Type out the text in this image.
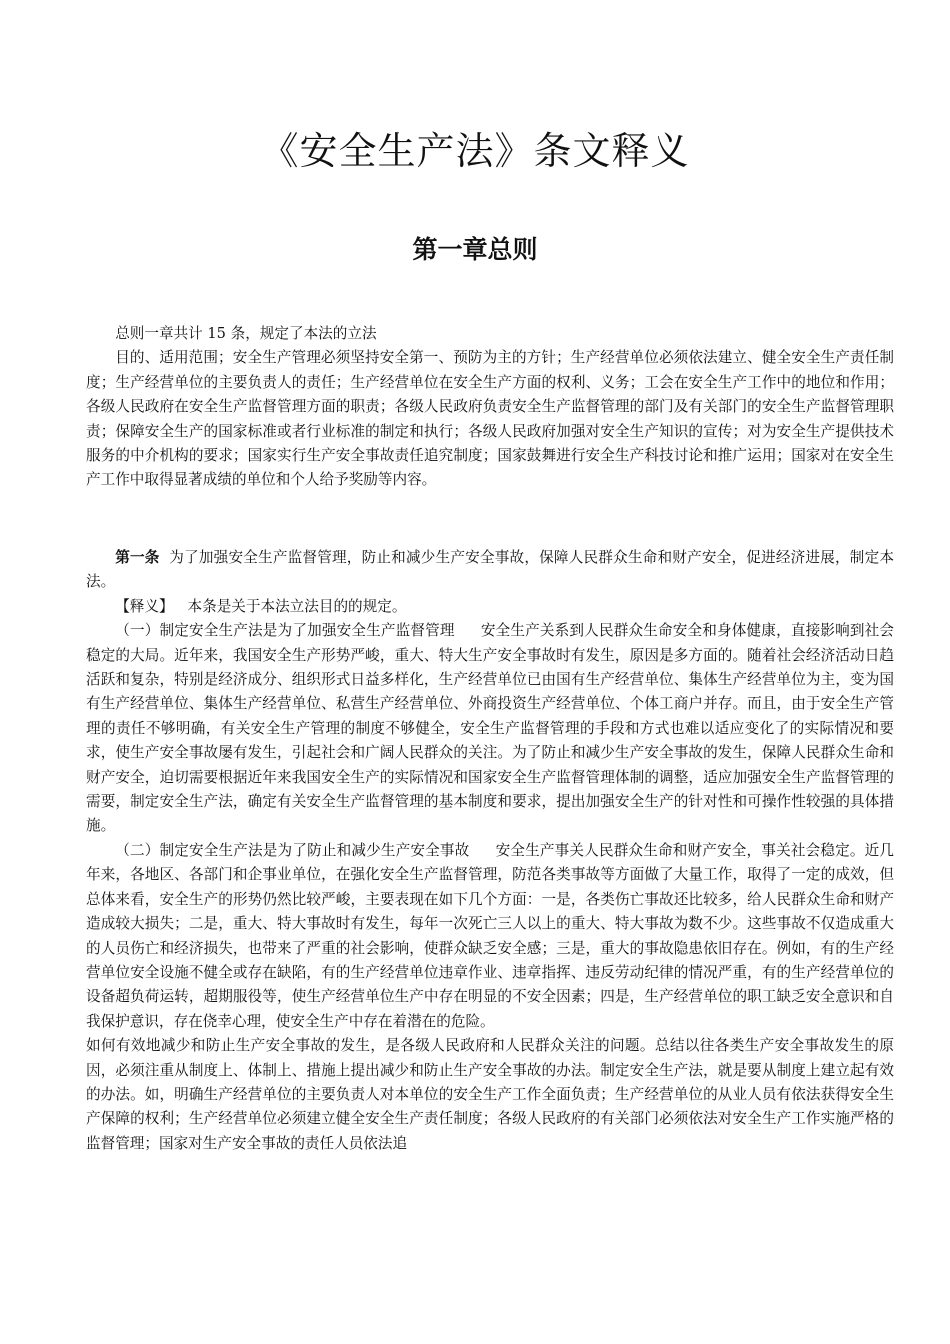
《安全生产法》条文释义
第一章总则

总则一章共计 15 条，规定了本法的立法

目的、适用范围；安全生产管理必须坚持安全第一、预防为主的方针；生产经营单位必须依法建立、健全安全生产责任制度；生产经营单位的主要负责人的责任；生产经营单位在安全生产方面的权利、义务；工会在安全生产工作中的地位和作用；各级人民政府在安全生产监督管理方面的职责；各级人民政府负责安全生产监督管理的部门及有关部门的安全生产监督管理职责；保障安全生产的国家标准或者行业标准的制定和执行；各级人民政府加强对安全生产知识的宣传；对为安全生产提供技术服务的中介机构的要求；国家实行生产安全事故责任追究制度；国家鼓舞进行安全生产科技讨论和推广运用；国家对在安全生产工作中取得显著成绩的单位和个人给予奖励等内容。

第一条 为了加强安全生产监督管理，防止和减少生产安全事故，保障人民群众生命和财产安全，促进经济进展，制定本法。

【释义】 本条是关于本法立法目的的规定。

（一）制定安全生产法是为了加强安全生产监督管理 安全生产关系到人民群众生命安全和身体健康，直接影响到社会稳定的大局。近年来，我国安全生产形势严峻，重大、特大生产安全事故时有发生，原因是多方面的。随着社会经济活动日趋活跃和复杂，特别是经济成分、组织形式日益多样化，生产经营单位已由国有生产经营单位、集体生产经营单位为主，变为国有生产经营单位、集体生产经营单位、私营生产经营单位、外商投资生产经营单位、个体工商户并存。而且，由于安全生产管理的责任不够明确，有关安全生产管理的制度不够健全，安全生产监督管理的手段和方式也难以适应变化了的实际情况和要求，使生产安全事故屡有发生，引起社会和广阔人民群众的关注。为了防止和减少生产安全事故的发生，保障人民群众生命和财产安全，迫切需要根据近年来我国安全生产的实际情况和国家安全生产监督管理体制的调整，适应加强安全生产监督管理的需要，制定安全生产法，确定有关安全生产监督管理的基本制度和要求，提出加强安全生产的针对性和可操作性较强的具体措施。

（二）制定安全生产法是为了防止和减少生产安全事故 安全生产事关人民群众生命和财产安全，事关社会稳定。近几年来，各地区、各部门和企事业单位，在强化安全生产监督管理，防范各类事故等方面做了大量工作，取得了一定的成效，但总体来看，安全生产的形势仍然比较严峻，主要表现在如下几个方面：一是，各类伤亡事故还比较多，给人民群众生命和财产造成较大损失；二是，重大、特大事故时有发生，每年一次死亡三人以上的重大、特大事故为数不少。这些事故不仅造成重大的人员伤亡和经济损失，也带来了严重的社会影响，使群众缺乏安全感；三是，重大的事故隐患依旧存在。例如，有的生产经营单位安全设施不健全或存在缺陷，有的生产经营单位违章作业、违章指挥、违反劳动纪律的情况严重，有的生产经营单位的设备超负荷运转，超期服役等，使生产经营单位生产中存在明显的不安全因素；四是，生产经营单位的职工缺乏安全意识和自我保护意识，存在侥幸心理，使安全生产中存在着潜在的危险。

如何有效地减少和防止生产安全事故的发生，是各级人民政府和人民群众关注的问题。总结以往各类生产安全事故发生的原因，必须注重从制度上、体制上、措施上提出减少和防止生产安全事故的办法。制定安全生产法，就是要从制度上建立起有效的办法。如，明确生产经营单位的主要负责人对本单位的安全生产工作全面负责；生产经营单位的从业人员有依法获得安全生产保障的权利；生产经营单位必须建立健全安全生产责任制度；各级人民政府的有关部门必须依法对安全生产工作实施严格的监督管理；国家对生产安全事故的责任人员依法追
